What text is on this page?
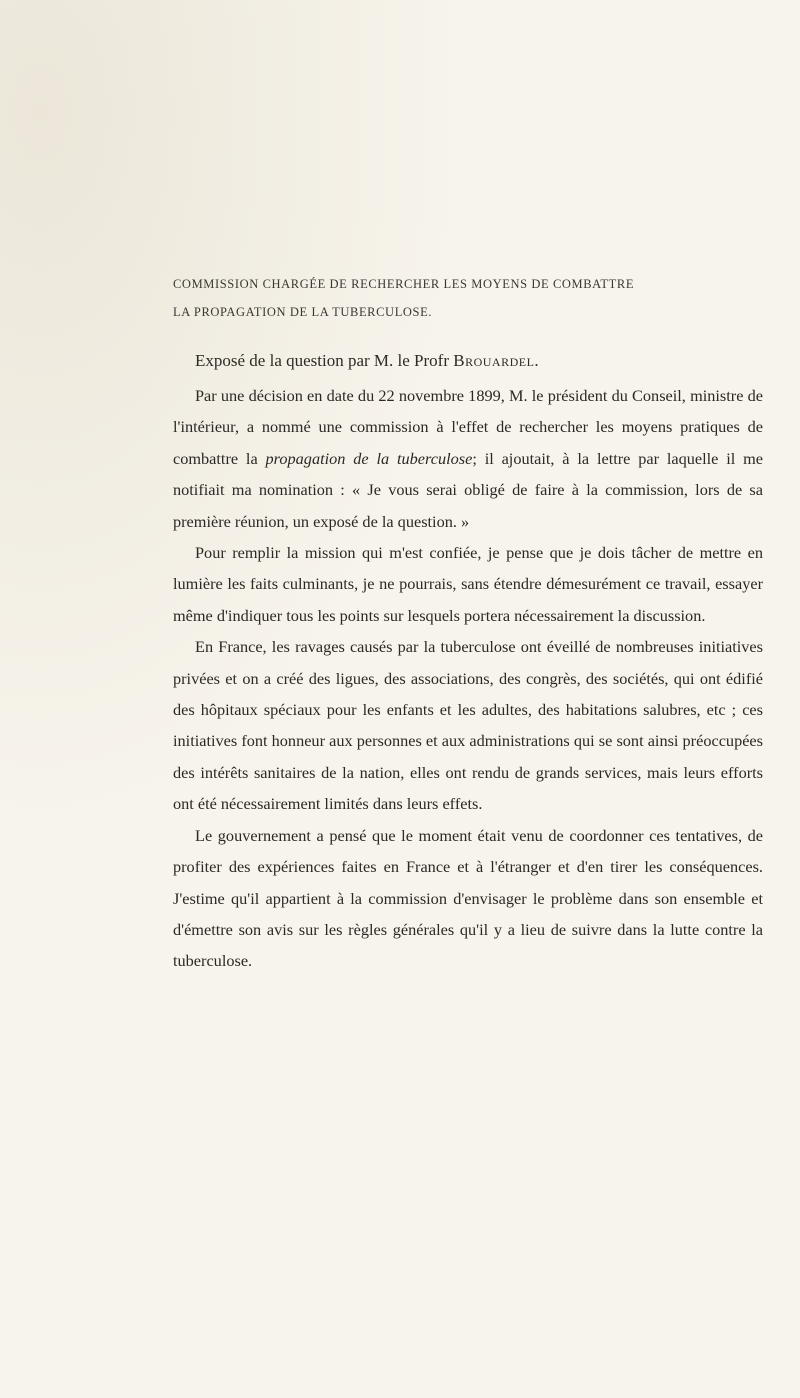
COMMISSION CHARGÉE DE RECHERCHER LES MOYENS DE COMBATTRE
LA PROPAGATION DE LA TUBERCULOSE.
Exposé de la question par M. le Profr Brouardel.

Par une décision en date du 22 novembre 1899, M. le président du Conseil, ministre de l'intérieur, a nommé une commission à l'effet de rechercher les moyens pratiques de combattre la propagation de la tuberculose; il ajoutait, à la lettre par laquelle il me notifiait ma nomination : « Je vous serai obligé de faire à la commission, lors de sa première réunion, un exposé de la question. »

Pour remplir la mission qui m'est confiée, je pense que je dois tâcher de mettre en lumière les faits culminants, je ne pourrais, sans étendre démesurément ce travail, essayer même d'indiquer tous les points sur lesquels portera nécessairement la discussion.

En France, les ravages causés par la tuberculose ont éveillé de nombreuses initiatives privées et on a créé des ligues, des associations, des congrès, des sociétés, qui ont édifié des hôpitaux spéciaux pour les enfants et les adultes, des habitations salubres, etc ; ces initiatives font honneur aux personnes et aux administrations qui se sont ainsi préoccupées des intérêts sanitaires de la nation, elles ont rendu de grands services, mais leurs efforts ont été nécessairement limités dans leurs effets.

Le gouvernement a pensé que le moment était venu de coordonner ces tentatives, de profiter des expériences faites en France et à l'étranger et d'en tirer les conséquences. J'estime qu'il appartient à la commission d'envisager le problème dans son ensemble et d'émettre son avis sur les règles générales qu'il y a lieu de suivre dans la lutte contre la tuberculose.
